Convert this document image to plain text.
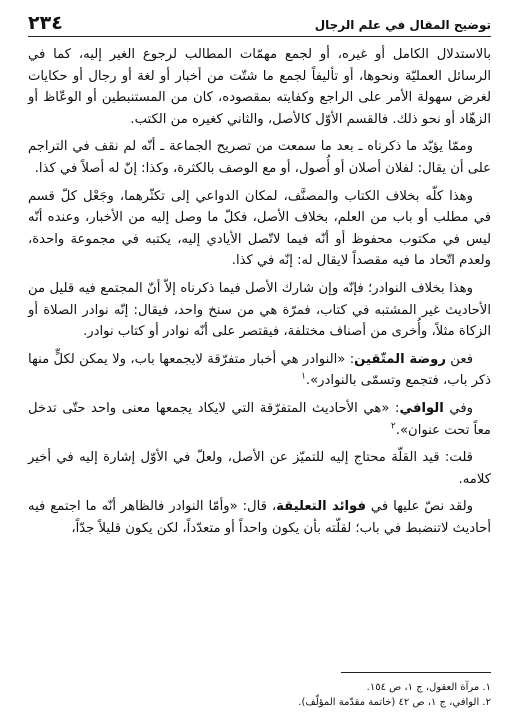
توضيح المقال في علم الرجال
٢٣٤

بالاستدلال الكامل أو غيره، أو لجمع مهمّات المطالب لرجوع الغير إليه، كما في الرسائل العمليّة ونحوها، أو تأليفاً لجمع ما شتّت من أخبار أو لغة أو رجال أو حكايات لغرض سهولة الأمر على الراجع وكفايته بمقصوده، كان من المستنبطين أو الوعّاظ أو الزهّاد أو نحو ذلك. فالقسم الأوّل كالأصل، والثاني كغيره من الكتب.

وممّا يؤيّد ما ذكرناه ـ بعد ما سمعت من تصريح الجماعة ـ أنّه لم نقف في التراجم على أن يقال: لفلان أصلان أو أُصول، أو مع الوصف بالكثرة، وكذا: إنّ له أصلاً في كذا.

وهذا كلّه بخلاف الكتاب والمصنَّف، لمكان الدواعي إلى تكثّرهما، وجَعْل كلّ قسم في مطلب أو باب من العلم، بخلاف الأصل، فكلّ ما وصل إليه من الأخبار، وعنده أنّه ليس في مكتوب محفوظ أو أنّه فيما لاتّصل الأيادي إليه، يكتبه في مجموعة واحدة، ولعدم اتّحاد ما فيه مقصداً لايقال له: إنّه في كذا.

وهذا بخلاف النوادر؛ فإنّه وإن شارك الأصل فيما ذكرناه إلاّ أنّ المجتمع فيه قليل من الأحاديث غير المشتبه في كتاب، فمرّة هي من سنخ واحد، فيقال: إنّه نوادر الصلاة أو الزكاة مثلاً، وأُخرى من أصناف مختلفة، فيقتصر على أنّه نوادر أو كتاب نوادر.

فعن روضة المتّقين: «النوادر هي أخبار متفرّقة لايجمعها باب، ولا يمكن لكلٍّ منها ذكر باب، فتجمع وتسمّى بالنوادر».$^١$

وفي الوافي: «هي الأحاديث المتفرّقة التي لايكاد يجمعها معنى واحد حتّى تدخل معاً تحت عنوان».$^٢$

قلت: قيد القلّة محتاج إليه للتميّز عن الأصل، ولعلّ في الأوّل إشارة إليه في أخير كلامه.

ولقد نصّ عليها في فوائد التعليقة، قال: «وأمّا النوادر فالظاهر أنّه ما اجتمع فيه أحاديث لاتنضبط في باب؛ لقلّته بأن يكون واحداً أو متعدّداً، لكن يكون قليلاً جدّاً،

١. مرآة العقول، ج ١، ص ١٥٤.

٢. الوافي، ج ١، ص ٤٢ (خاتمة مقدّمة المؤلّف).
